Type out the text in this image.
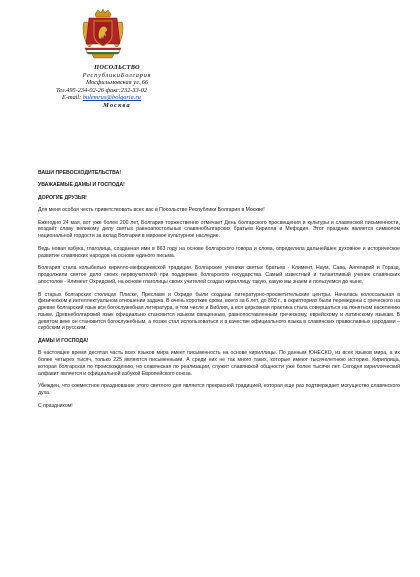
ПОСОЛЬСТВО
РеспубликиБолгария
Мосфильмовская ул.,66
Тел.495-234-02-26 факс:232-33-02
E-mail: bulemrus@bolgaria.ru
Москва
ВАШИ ПРЕВОСХОДИТЕЛЬСТВА!
УВАЖАЕМЫЕ ДАМЫ И ГОСПОДА!
ДОРОГИЕ ДРУЗЬЯ!

Для меня особая честь приветствовать всех вас в Посольстве Республики Болгария в Москве!

Ежегодно 24 мая, вот уже более 200 лет, Болгария торжественно отмечает День болгарского просвещения и культуры и славянской письменности, воздаёт славу великому делу святых равноапостольных славянобългарских братьев Кирилла и Мефодия. Этот праздник является символом национальной гордости за вклад Болгарии в мировое культурное наследие.

Ведь новая азбука, глаголица, созданная ими в 863 году на основе болгарского говора и слова, определила дальнейшее духовное и историческое развитие славянских народов на основе единого письма.

Болгария стала колыбелью кирилло-мефодиевской традиции. Болгарские ученики святых братьев - Климент, Наум, Сава, Ангеларий и Горазд, продолжили святое дело своих первоучителей при поддержке болгарского государства. Самый известный и талантливый ученик славянских апостолов - Климент Охридский, на основе глаголицы своих учителей создал кириллицу такую, какую мы знаем и пользуемся до ныне.

В старых болгарских столицах Плиске, Преславе и Охриде были созданы литературно-просветительские центры. Началась колоссальная в физическом и интеллектуальном отношении задача. В очень короткие сроки, всего за 6 лет, до 893 г., в скрипториях были переведены с греческого на древне болгарский язык вся богослужебная литература, в том числе и Библия, а вся церковная практика стала совершаться на понятном населению языке. Древнеболгарский язык официально становится языком священным, равнопоставленным греческому, еврейскому и латинскому языкам. В девятом веке он становится богослужебным, а позже стал использоваться и в качестве официального языка в славянских православных народами – сербским и русским.

ДАМЫ И ГОСПОДА!

В настоящее время десятая часть всех языков мира имеет письменность на основе кириллицы. По данным ЮНЕСКО, из всех языков мира, а их более четырех тысяч, только 225 являются письменными. А среди них не так много таких, которые имеют тысячелетнюю историю. Кириллица, которая болгарская по происхождению, но славянская по реализации, служит славянской общности уже более тысячи лет. Сегодня кириллический алфавит является и официальной азбукой Европейского союза.

Убежден, что совместное празднование этого светлого дня является прекрасной традицией, которая еще раз подтверждает могущество славянского духа.

С праздником!
